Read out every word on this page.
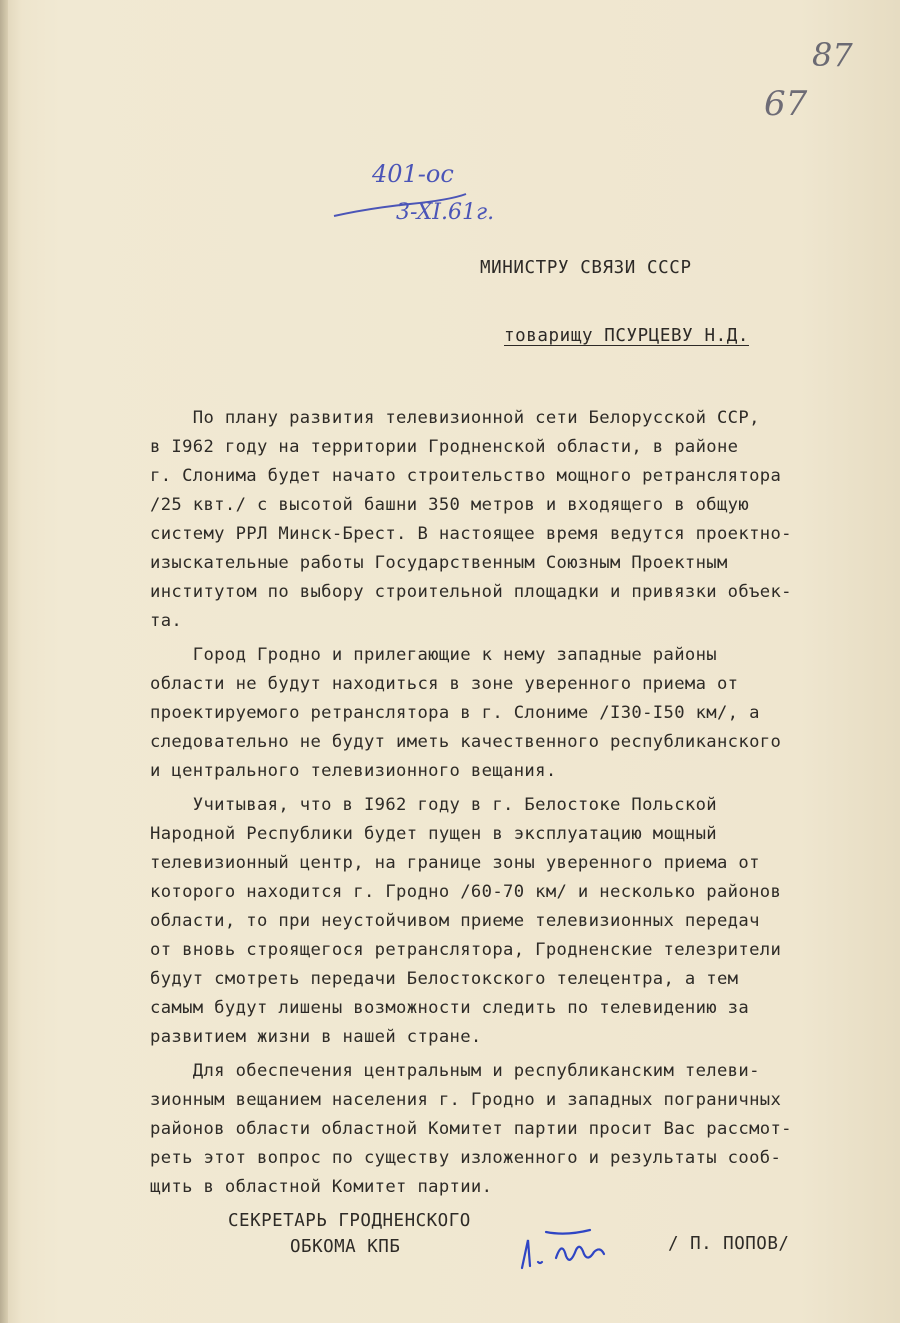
87
67
401-ос
3-XI.61г.
МИНИСТРУ СВЯЗИ СССР
товарищу ПСУРЦЕВУ Н.Д.
По плану развития телевизионной сети Белорусской ССР,
в I962 году на территории Гродненской области, в районе
г. Слонима будет начато строительство мощного ретранслятора
/25 квт./ с высотой башни 350 метров и входящего в общую
систему РРЛ Минск-Брест. В настоящее время ведутся проектно-
изыскательные работы Государственным Союзным Проектным
институтом по выбору строительной площадки и привязки объек-
та.
Город Гродно и прилегающие к нему западные районы
области не будут находиться в зоне уверенного приема от
проектируемого ретранслятора в г. Слониме /I30-I50 км/, а
следовательно не будут иметь качественного республиканского
и центрального телевизионного вещания.
Учитывая, что в I962 году в г. Белостоке Польской
Народной Республики будет пущен в эксплуатацию мощный
телевизионный центр, на границе зоны уверенного приема от
которого находится г. Гродно /60-70 км/ и несколько районов
области, то при неустойчивом приеме телевизионных передач
от вновь строящегося ретранслятора, Гродненские телезрители
будут смотреть передачи Белостокского телецентра, а тем
самым будут лишены возможности следить по телевидению за
развитием жизни в нашей стране.
Для обеспечения центральным и республиканским телеви-
зионным вещанием населения г. Гродно и западных пограничных
районов области областной Комитет партии просит Вас рассмот-
реть этот вопрос по существу изложенного и результаты сооб-
щить в областной Комитет партии.
СЕКРЕТАРЬ ГРОДНЕНСКОГО
ОБКОМА КПБ	/ П. ПОПОВ/
